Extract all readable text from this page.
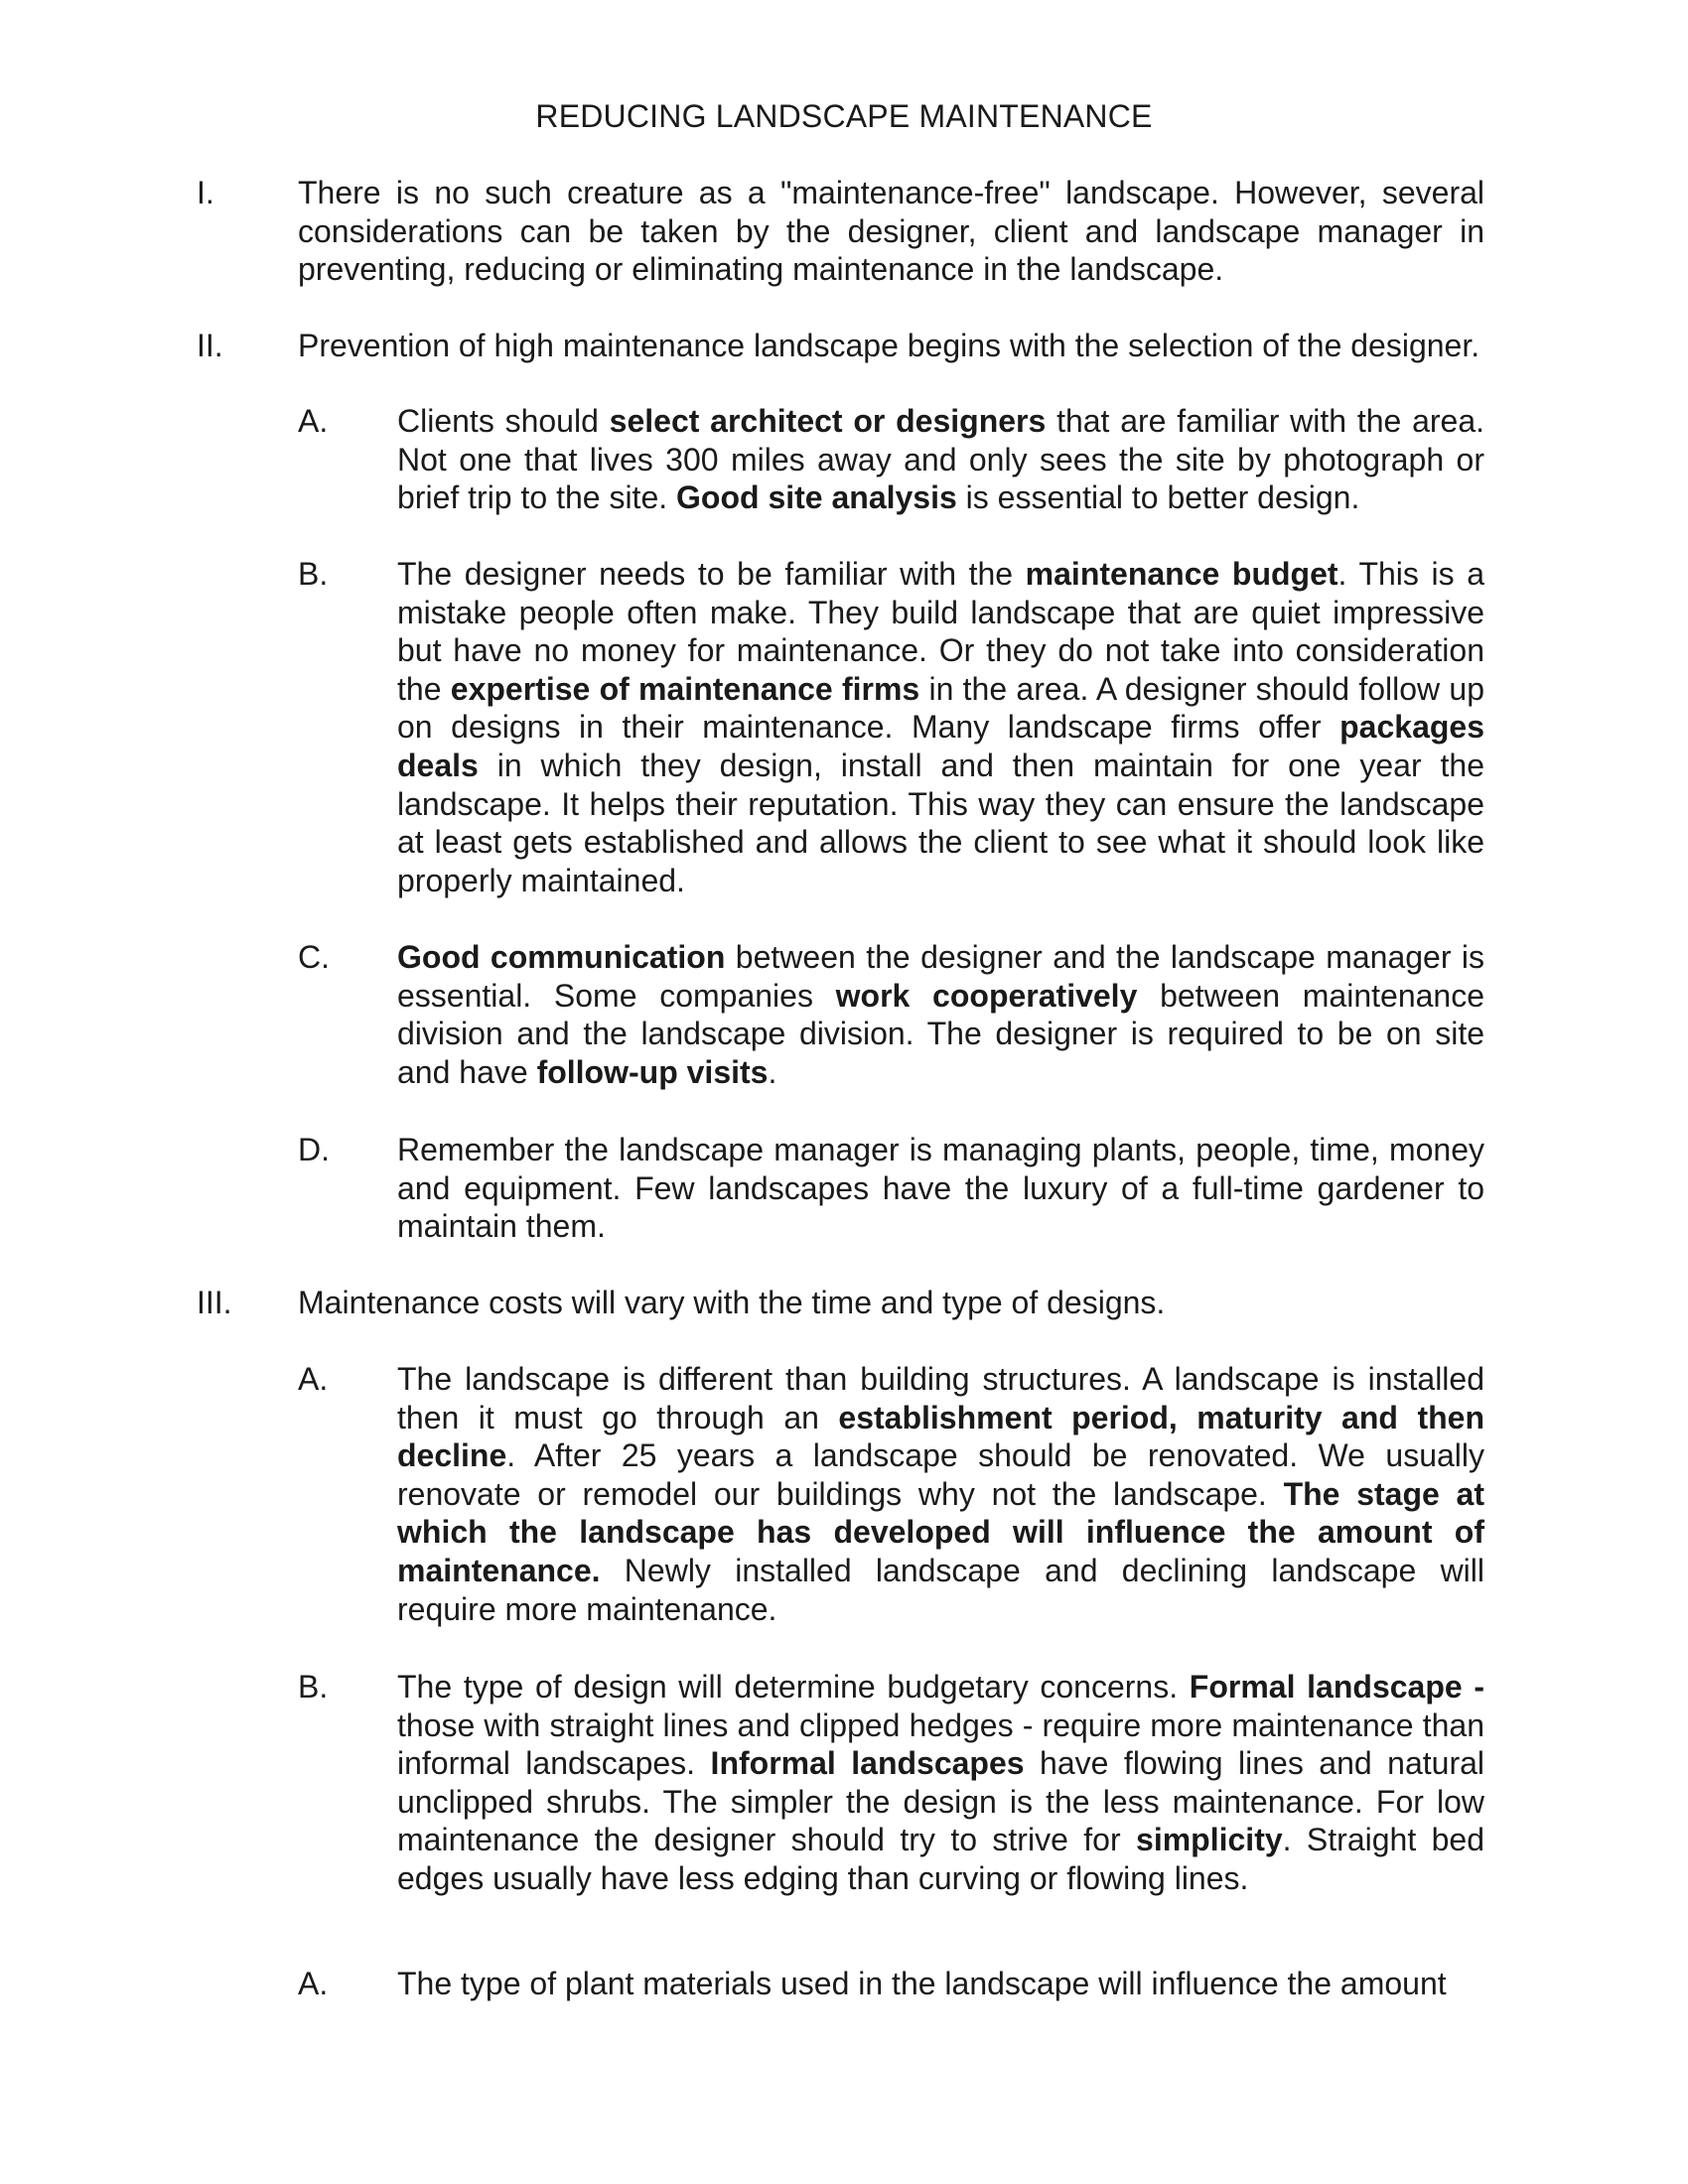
REDUCING LANDSCAPE MAINTENANCE
I.	There is no such creature as a "maintenance-free" landscape. However, several considerations can be taken by the designer, client and landscape manager in preventing, reducing or eliminating maintenance in the landscape.
II. Prevention of high maintenance landscape begins with the selection of the designer.
A. Clients should select architect or designers that are familiar with the area. Not one that lives 300 miles away and only sees the site by photograph or brief trip to the site. Good site analysis is essential to better design.
B. The designer needs to be familiar with the maintenance budget. This is a mistake people often make. They build landscape that are quiet impressive but have no money for maintenance. Or they do not take into consideration the expertise of maintenance firms in the area. A designer should follow up on designs in their maintenance. Many landscape firms offer packages deals in which they design, install and then maintain for one year the landscape. It helps their reputation. This way they can ensure the landscape at least gets established and allows the client to see what it should look like properly maintained.
C. Good communication between the designer and the landscape manager is essential. Some companies work cooperatively between maintenance division and the landscape division. The designer is required to be on site and have follow-up visits.
D. Remember the landscape manager is managing plants, people, time, money and equipment. Few landscapes have the luxury of a full-time gardener to maintain them.
III. Maintenance costs will vary with the time and type of designs.
A. The landscape is different than building structures. A landscape is installed then it must go through an establishment period, maturity and then decline. After 25 years a landscape should be renovated. We usually renovate or remodel our buildings why not the landscape. The stage at which the landscape has developed will influence the amount of maintenance. Newly installed landscape and declining landscape will require more maintenance.
B. The type of design will determine budgetary concerns. Formal landscape - those with straight lines and clipped hedges - require more maintenance than informal landscapes. Informal landscapes have flowing lines and natural unclipped shrubs. The simpler the design is the less maintenance. For low maintenance the designer should try to strive for simplicity. Straight bed edges usually have less edging than curving or flowing lines.
A. The type of plant materials used in the landscape will influence the amount
